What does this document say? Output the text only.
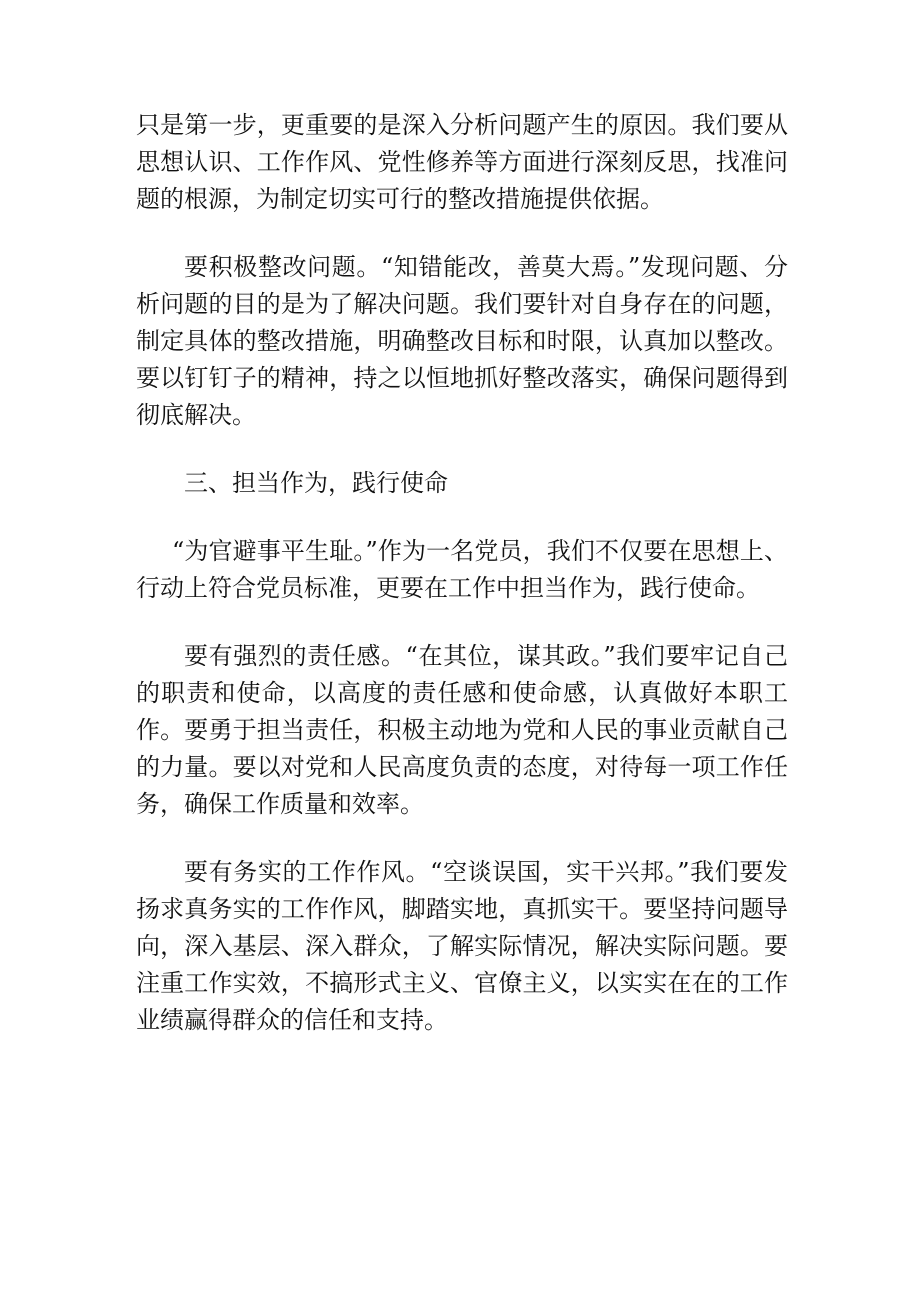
只是第一步，更重要的是深入分析问题产生的原因。我们要从思想认识、工作作风、党性修养等方面进行深刻反思，找准问题的根源，为制定切实可行的整改措施提供依据。

要积极整改问题。“知错能改，善莫大焉。”发现问题、分析问题的目的是为了解决问题。我们要针对自身存在的问题，制定具体的整改措施，明确整改目标和时限，认真加以整改。要以钉钉子的精神，持之以恒地抓好整改落实，确保问题得到彻底解决。

三、担当作为，践行使命

“为官避事平生耻。”作为一名党员，我们不仅要在思想上、行动上符合党员标准，更要在工作中担当作为，践行使命。

要有强烈的责任感。“在其位，谋其政。”我们要牢记自己的职责和使命，以高度的责任感和使命感，认真做好本职工作。要勇于担当责任，积极主动地为党和人民的事业贡献自己的力量。要以对党和人民高度负责的态度，对待每一项工作任务，确保工作质量和效率。

要有务实的工作作风。“空谈误国，实干兴邦。”我们要发扬求真务实的工作作风，脚踏实地，真抓实干。要坚持问题导向，深入基层、深入群众，了解实际情况，解决实际问题。要注重工作实效，不搞形式主义、官僚主义，以实实在在的工作业绩赢得群众的信任和支持。
